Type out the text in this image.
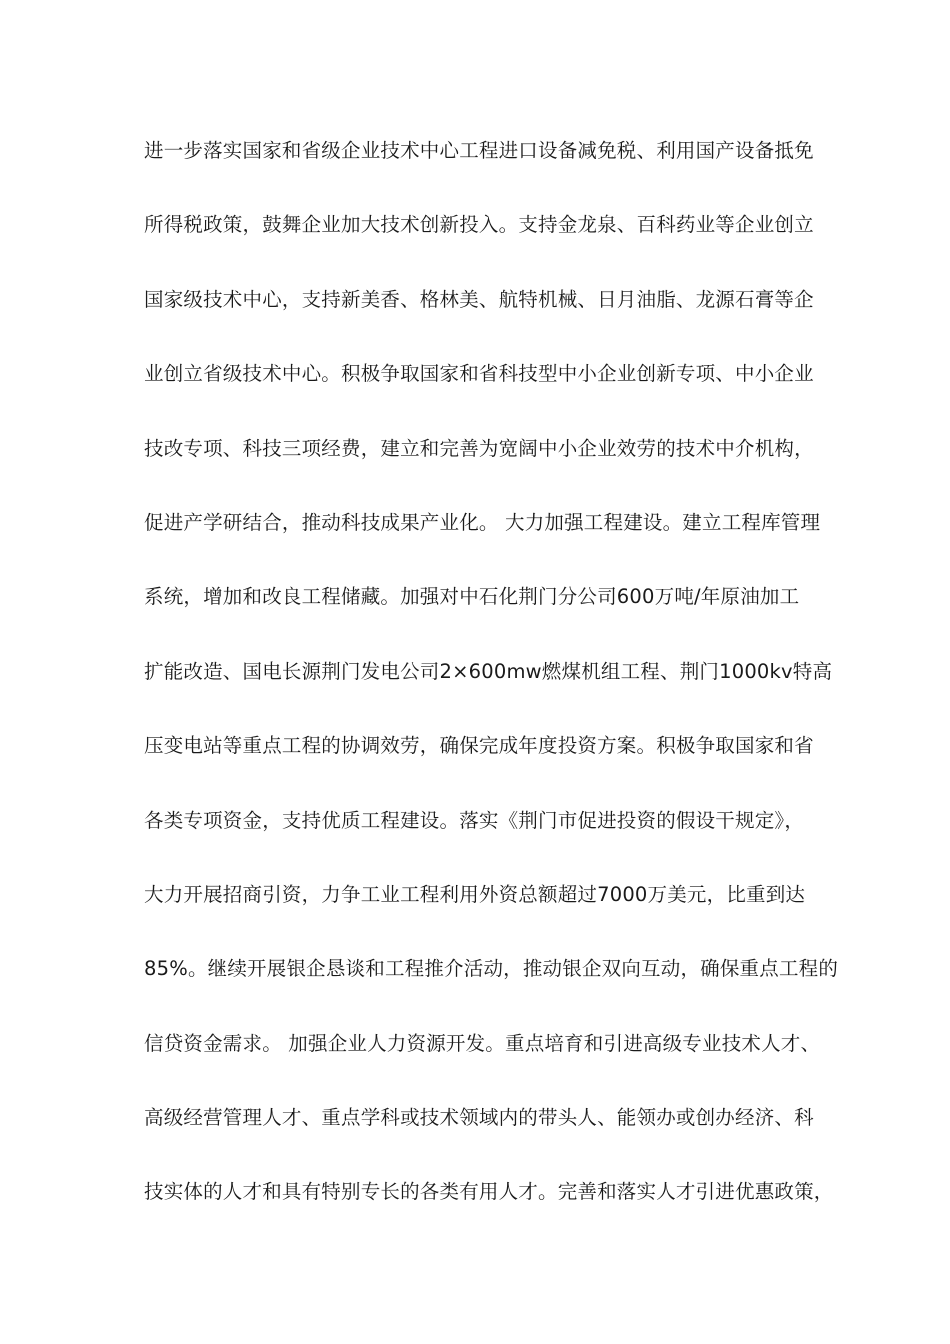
进一步落实国家和省级企业技术中心工程进口设备减免税、利用国产设备抵免
所得税政策，鼓舞企业加大技术创新投入。支持金龙泉、百科药业等企业创立
国家级技术中心，支持新美香、格林美、航特机械、日月油脂、龙源石膏等企
业创立省级技术中心。积极争取国家和省科技型中小企业创新专项、中小企业
技改专项、科技三项经费，建立和完善为宽阔中小企业效劳的技术中介机构，
促进产学研结合，推动科技成果产业化。 大力加强工程建设。建立工程库管理
系统，增加和改良工程储藏。加强对中石化荆门分公司600万吨/年原油加工
扩能改造、国电长源荆门发电公司2×600mw燃煤机组工程、荆门1000kv特高
压变电站等重点工程的协调效劳，确保完成年度投资方案。积极争取国家和省
各类专项资金，支持优质工程建设。落实《荆门市促进投资的假设干规定》，
大力开展招商引资，力争工业工程利用外资总额超过7000万美元，比重到达
85%。继续开展银企恳谈和工程推介活动，推动银企双向互动，确保重点工程的
信贷资金需求。 加强企业人力资源开发。重点培育和引进高级专业技术人才、
高级经营管理人才、重点学科或技术领域内的带头人、能领办或创办经济、科
技实体的人才和具有特别专长的各类有用人才。完善和落实人才引进优惠政策，
